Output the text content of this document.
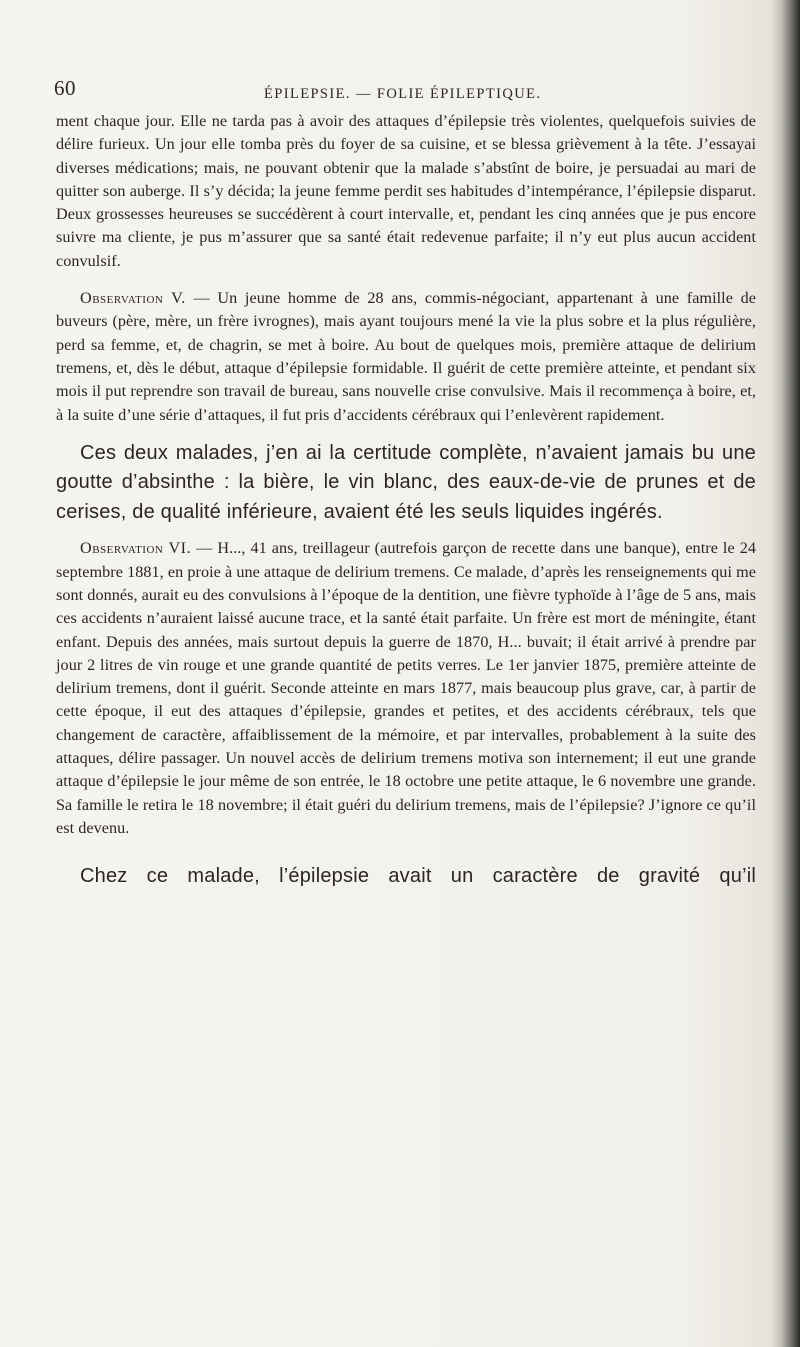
60	ÉPILEPSIE. — FOLIE ÉPILEPTIQUE.

ment chaque jour. Elle ne tarda pas à avoir des attaques d’épilepsie très violentes, quelquefois suivies de délire furieux. Un jour elle tomba près du foyer de sa cuisine, et se blessa grièvement à la tête. J’essayai diverses médications; mais, ne pouvant obtenir que la malade s’abstînt de boire, je persuadai au mari de quitter son auberge. Il s’y décida; la jeune femme perdit ses habitudes d’intempérance, l’épilepsie disparut. Deux grossesses heureuses se succédèrent à court intervalle, et, pendant les cinq années que je pus encore suivre ma cliente, je pus m’assurer que sa santé était redevenue parfaite; il n’y eut plus aucun accident convulsif.

Observation V. — Un jeune homme de 28 ans, commis-négociant, appartenant à une famille de buveurs (père, mère, un frère ivrognes), mais ayant toujours mené la vie la plus sobre et la plus régulière, perd sa femme, et, de chagrin, se met à boire. Au bout de quelques mois, première attaque de delirium tremens, et, dès le début, attaque d’épilepsie formidable. Il guérit de cette première atteinte, et pendant six mois il put reprendre son travail de bureau, sans nouvelle crise convulsive. Mais il recommença à boire, et, à la suite d’une série d’attaques, il fut pris d’accidents cérébraux qui l’enlevèrent rapidement.

Ces deux malades, j’en ai la certitude complète, n’avaient jamais bu une goutte d’absinthe : la bière, le vin blanc, des eaux-de-vie de prunes et de cerises, de qualité inférieure, avaient été les seuls liquides ingérés.

Observation VI. — H..., 41 ans, treillageur (autrefois garçon de recette dans une banque), entre le 24 septembre 1881, en proie à une attaque de delirium tremens. Ce malade, d’après les renseignements qui me sont donnés, aurait eu des convulsions à l’époque de la dentition, une fièvre typhoïde à l’âge de 5 ans, mais ces accidents n’auraient laissé aucune trace, et la santé était parfaite. Un frère est mort de méningite, étant enfant. Depuis des années, mais surtout depuis la guerre de 1870, H... buvait; il était arrivé à prendre par jour 2 litres de vin rouge et une grande quantité de petits verres. Le 1er janvier 1875, première atteinte de delirium tremens, dont il guérit. Seconde atteinte en mars 1877, mais beaucoup plus grave, car, à partir de cette époque, il eut des attaques d’épilepsie, grandes et petites, et des accidents cérébraux, tels que changement de caractère, affaiblissement de la mémoire, et par intervalles, probablement à la suite des attaques, délire passager. Un nouvel accès de delirium tremens motiva son internement; il eut une grande attaque d’épilepsie le jour même de son entrée, le 18 octobre une petite attaque, le 6 novembre une grande. Sa famille le retira le 18 novembre; il était guéri du delirium tremens, mais de l’épilepsie? J’ignore ce qu’il est devenu.

Chez ce malade, l’épilepsie avait un caractère de gravité qu’il
